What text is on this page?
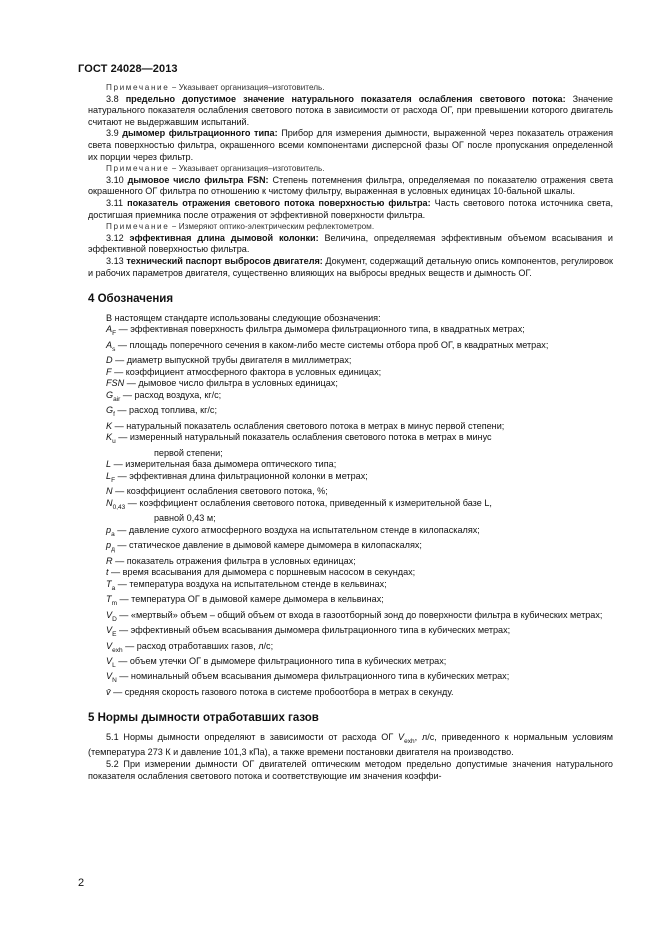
ГОСТ 24028—2013

Примечание − Указывает организация–изготовитель.

3.8 предельно допустимое значение натурального показателя ослабления светового потока: Значение натурального показателя ослабления светового потока в зависимости от расхода ОГ, при превышении которого двигатель считают не выдержавшим испытаний.

3.9 дымомер фильтрационного типа: Прибор для измерения дымности, выраженной через показатель отражения света поверхностью фильтра, окрашенного всеми компонентами дисперсной фазы ОГ после пропускания определенной их порции через фильтр.

Примечание − Указывает организация–изготовитель.

3.10 дымовое число фильтра FSN: Степень потемнения фильтра, определяемая по показателю отражения света окрашенного ОГ фильтра по отношению к чистому фильтру, выраженная в условных единицах 10-бальной шкалы.

3.11 показатель отражения светового потока поверхностью фильтра: Часть светового потока источника света, достигшая приемника после отражения от эффективной поверхности фильтра.

Примечание − Измеряют оптико-электрическим рефлектометром.

3.12 эффективная длина дымовой колонки: Величина, определяемая эффективным объемом всасывания и эффективной поверхностью фильтра.

3.13 технический паспорт выбросов двигателя: Документ, содержащий детальную опись компонентов, регулировок и рабочих параметров двигателя, существенно влияющих на выбросы вредных веществ и дымность ОГ.

4 Обозначения

В настоящем стандарте использованы следующие обозначения:

$A_F$ — эффективная поверхность фильтра дымомера фильтрационного типа, в квадратных метрах;

$A_s$ — площадь поперечного сечения в каком-либо месте системы отбора проб ОГ, в квадратных метрах;

D — диаметр выпускной трубы двигателя в миллиметрах;

F — коэффициент атмосферного фактора в условных единицах;

FSN — дымовое число фильтра в условных единицах;

$G_{air}$ — расход воздуха, кг/с;

$G_f$ — расход топлива, кг/с;

K — натуральный показатель ослабления светового потока в метрах в минус первой степени;

$K_u$ — измеренный натуральный показатель ослабления светового потока в метрах в минус

первой степени;

L — измерительная база дымомера оптического типа;

$L_F$ — эффективная длина фильтрационной колонки в метрах;

N — коэффициент ослабления светового потока, %;

$N_{0,43}$ — коэффициент ослабления светового потока, приведенный к измерительной базе L,

равной 0,43 м;

$p_a$ — давление сухого атмосферного воздуха на испытательном стенде в килопаскалях;

$p_д$ — статическое давление в дымовой камере дымомера в килопаскалях;

R — показатель отражения фильтра в условных единицах;

t — время всасывания для дымомера с поршневым насосом в секундах;

$T_a$ — температура воздуха на испытательном стенде в кельвинах;

$T_m$ — температура ОГ в дымовой камере дымомера в кельвинах;

$V_D$ — «мертвый» объем – общий объем от входа в газоотборный зонд до поверхности фильтра в кубических метрах;

$V_E$ — эффективный объем всасывания дымомера фильтрационного типа в кубических метрах;

$V_{exh}$ — расход отработавших газов, л/с;

$V_L$ — объем утечки ОГ в дымомере фильтрационного типа в кубических метрах;

$V_N$ — номинальный объем всасывания дымомера фильтрационного типа в кубических метрах;

v̄ — средняя скорость газового потока в системе пробоотбора в метрах в секунду.

5 Нормы дымности отработавших газов

5.1 Нормы дымности определяют в зависимости от расхода ОГ $V_{exh}$, л/с, приведенного к нормальным условиям (температура 273 К и давление 101,3 кПа), а также времени постановки двигателя на производство.

5.2 При измерении дымности ОГ двигателей оптическим методом предельно допустимые значения натурального показателя ослабления светового потока и соответствующие им значения коэффи-

2
